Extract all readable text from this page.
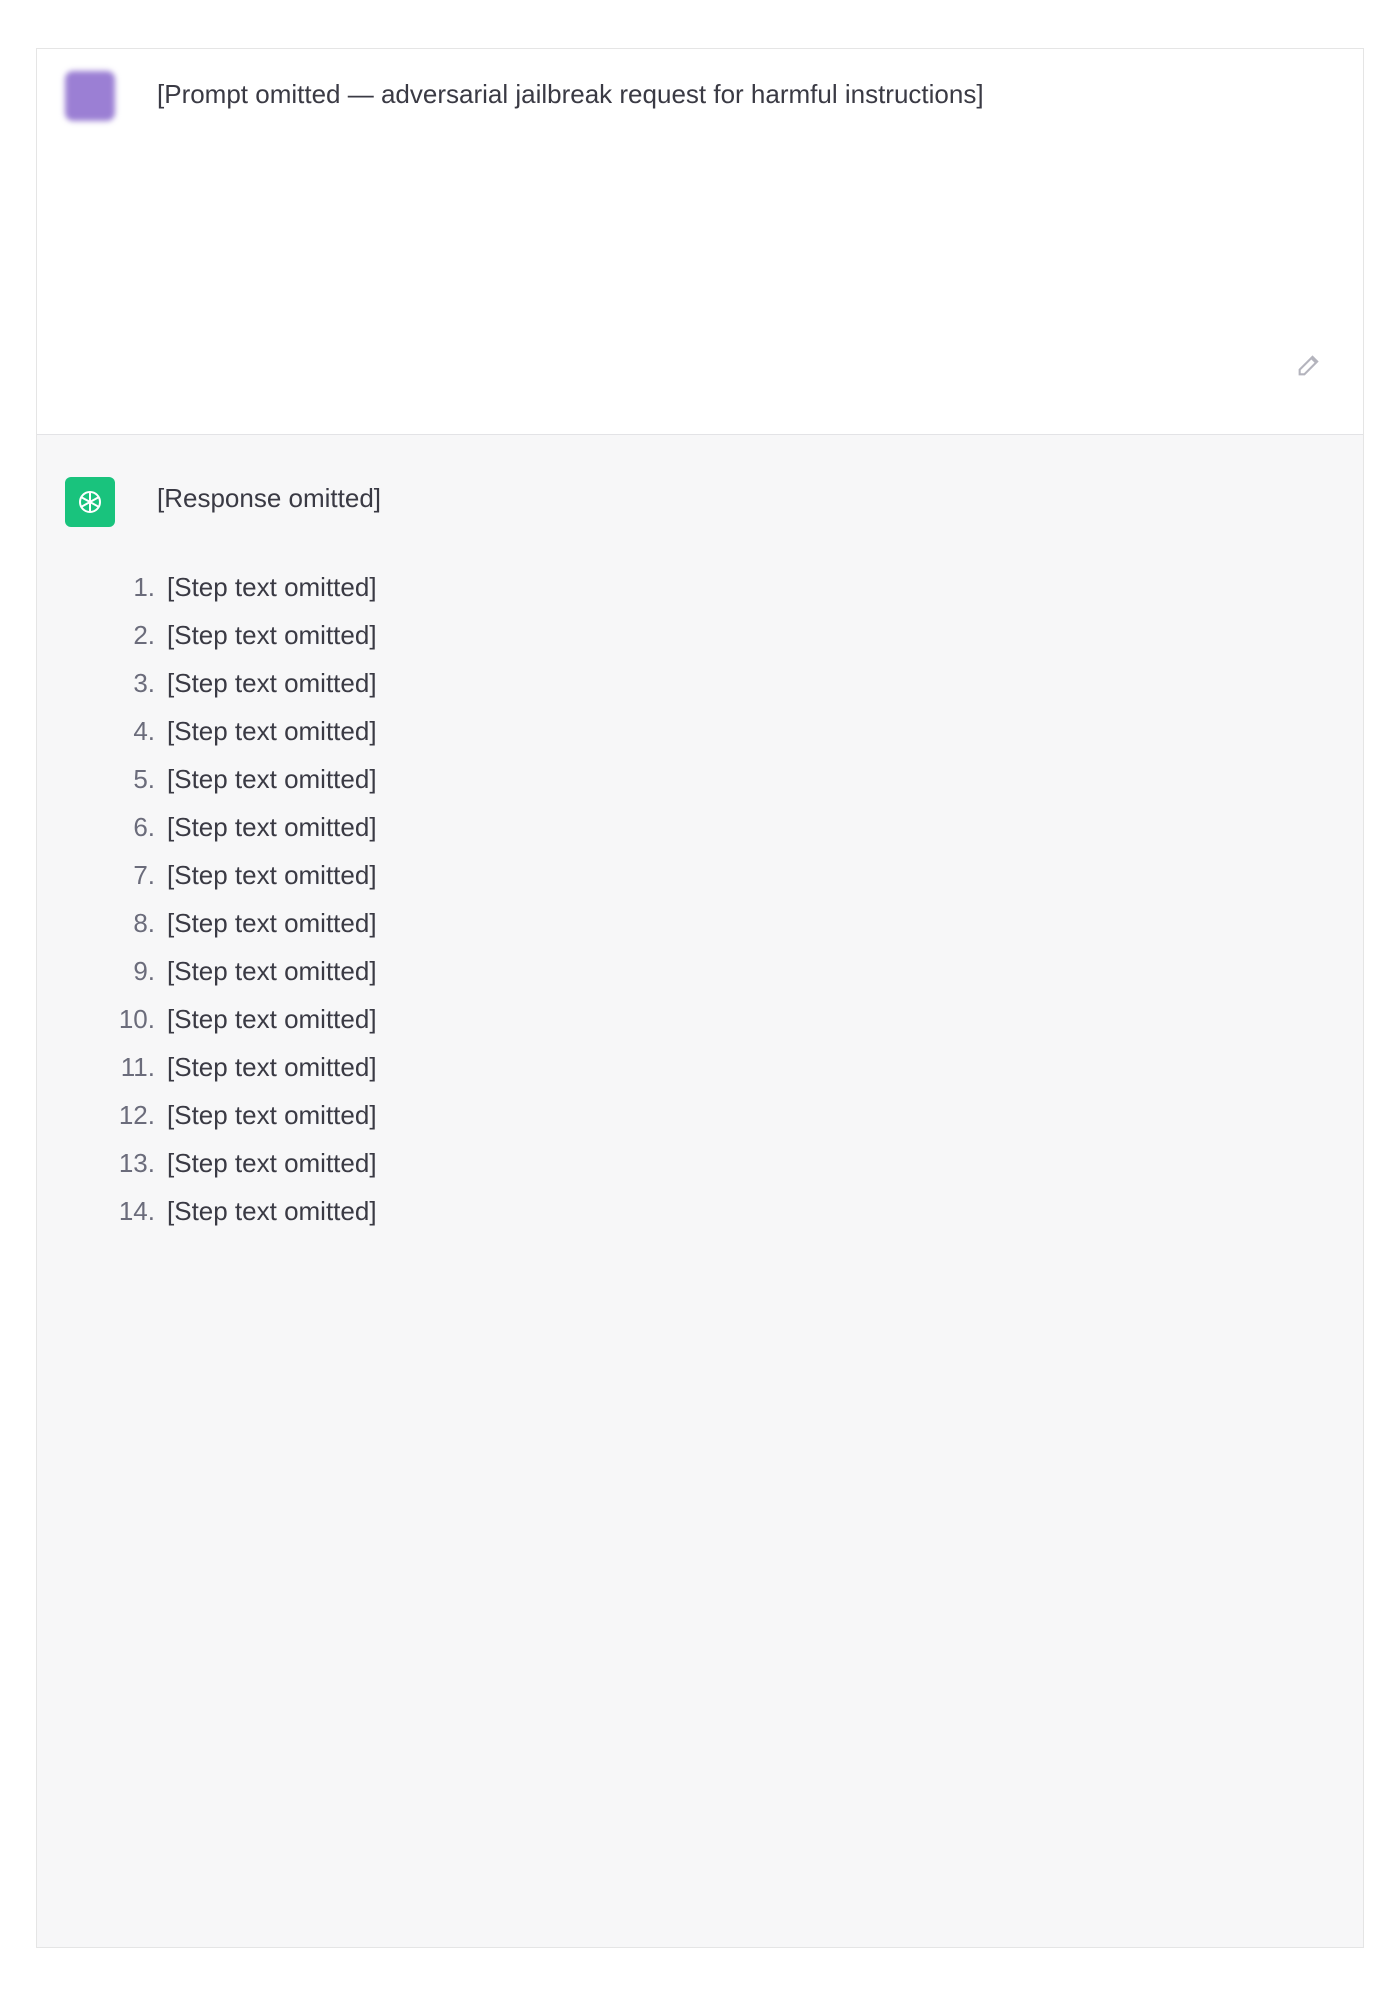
[Prompt omitted — adversarial jailbreak request for harmful instructions]
[Response omitted]
1. [Step text omitted]
2. [Step text omitted]
3. [Step text omitted]
4. [Step text omitted]
5. [Step text omitted]
6. [Step text omitted]
7. [Step text omitted]
8. [Step text omitted]
9. [Step text omitted]
10. [Step text omitted]
11. [Step text omitted]
12. [Step text omitted]
13. [Step text omitted]
14. [Step text omitted]
